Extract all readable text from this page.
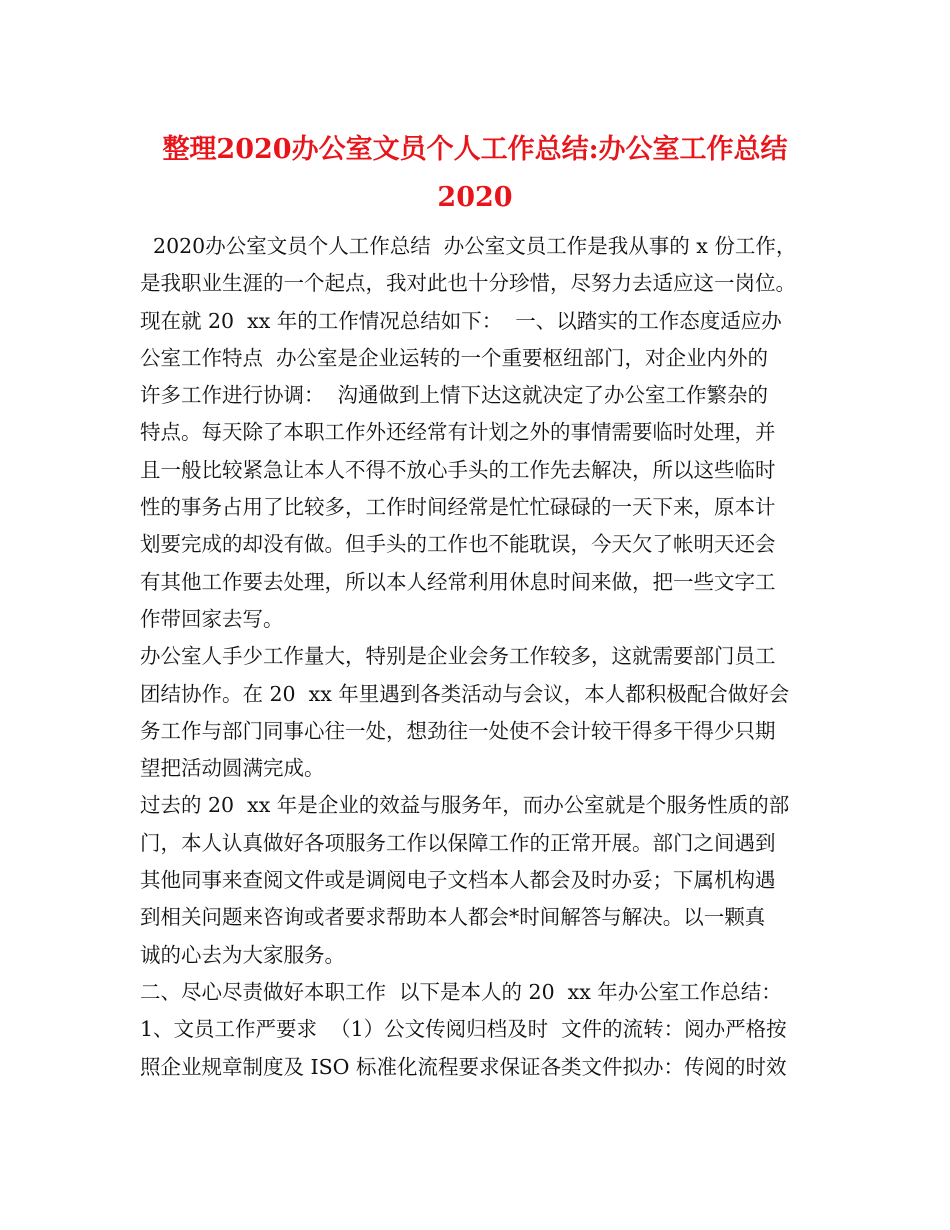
整理2020办公室文员个人工作总结:办公室工作总结
2020
2020办公室文员个人工作总结  办公室文员工作是我从事的 x 份工作，
是我职业生涯的一个起点，我对此也十分珍惜，尽努力去适应这一岗位。
现在就 20  xx 年的工作情况总结如下：  一、以踏实的工作态度适应办
公室工作特点  办公室是企业运转的一个重要枢纽部门，对企业内外的
许多工作进行协调：  沟通做到上情下达这就决定了办公室工作繁杂的
特点。每天除了本职工作外还经常有计划之外的事情需要临时处理，并
且一般比较紧急让本人不得不放心手头的工作先去解决，所以这些临时
性的事务占用了比较多，工作时间经常是忙忙碌碌的一天下来，原本计
划要完成的却没有做。但手头的工作也不能耽误，今天欠了帐明天还会
有其他工作要去处理，所以本人经常利用休息时间来做，把一些文字工
作带回家去写。
办公室人手少工作量大，特别是企业会务工作较多，这就需要部门员工
团结协作。在 20  xx 年里遇到各类活动与会议，本人都积极配合做好会
务工作与部门同事心往一处，想劲往一处使不会计较干得多干得少只期
望把活动圆满完成。
过去的 20  xx 年是企业的效益与服务年，而办公室就是个服务性质的部
门，本人认真做好各项服务工作以保障工作的正常开展。部门之间遇到
其他同事来查阅文件或是调阅电子文档本人都会及时办妥；下属机构遇
到相关问题来咨询或者要求帮助本人都会*时间解答与解决。以一颗真
诚的心去为大家服务。
二、尽心尽责做好本职工作  以下是本人的 20  xx 年办公室工作总结：
1、文员工作严要求  （1）公文传阅归档及时  文件的流转：阅办严格按
照企业规章制度及 ISO 标准化流程要求保证各类文件拟办：传阅的时效
